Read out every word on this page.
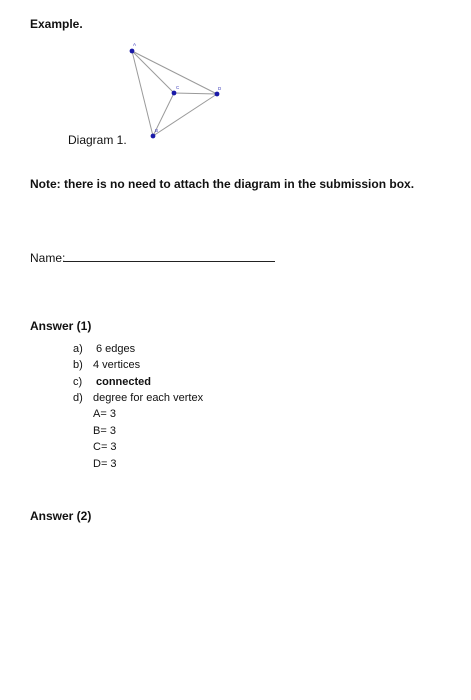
Example.
A
C	D
B
Diagram 1.
Note: there is no need to attach the diagram in the submission box.
Name:
Answer (1)
a) 6 edges
b) 4 vertices
c) connected
d) degree for each vertex
A= 3
B= 3
C= 3
D= 3
Answer (2)
